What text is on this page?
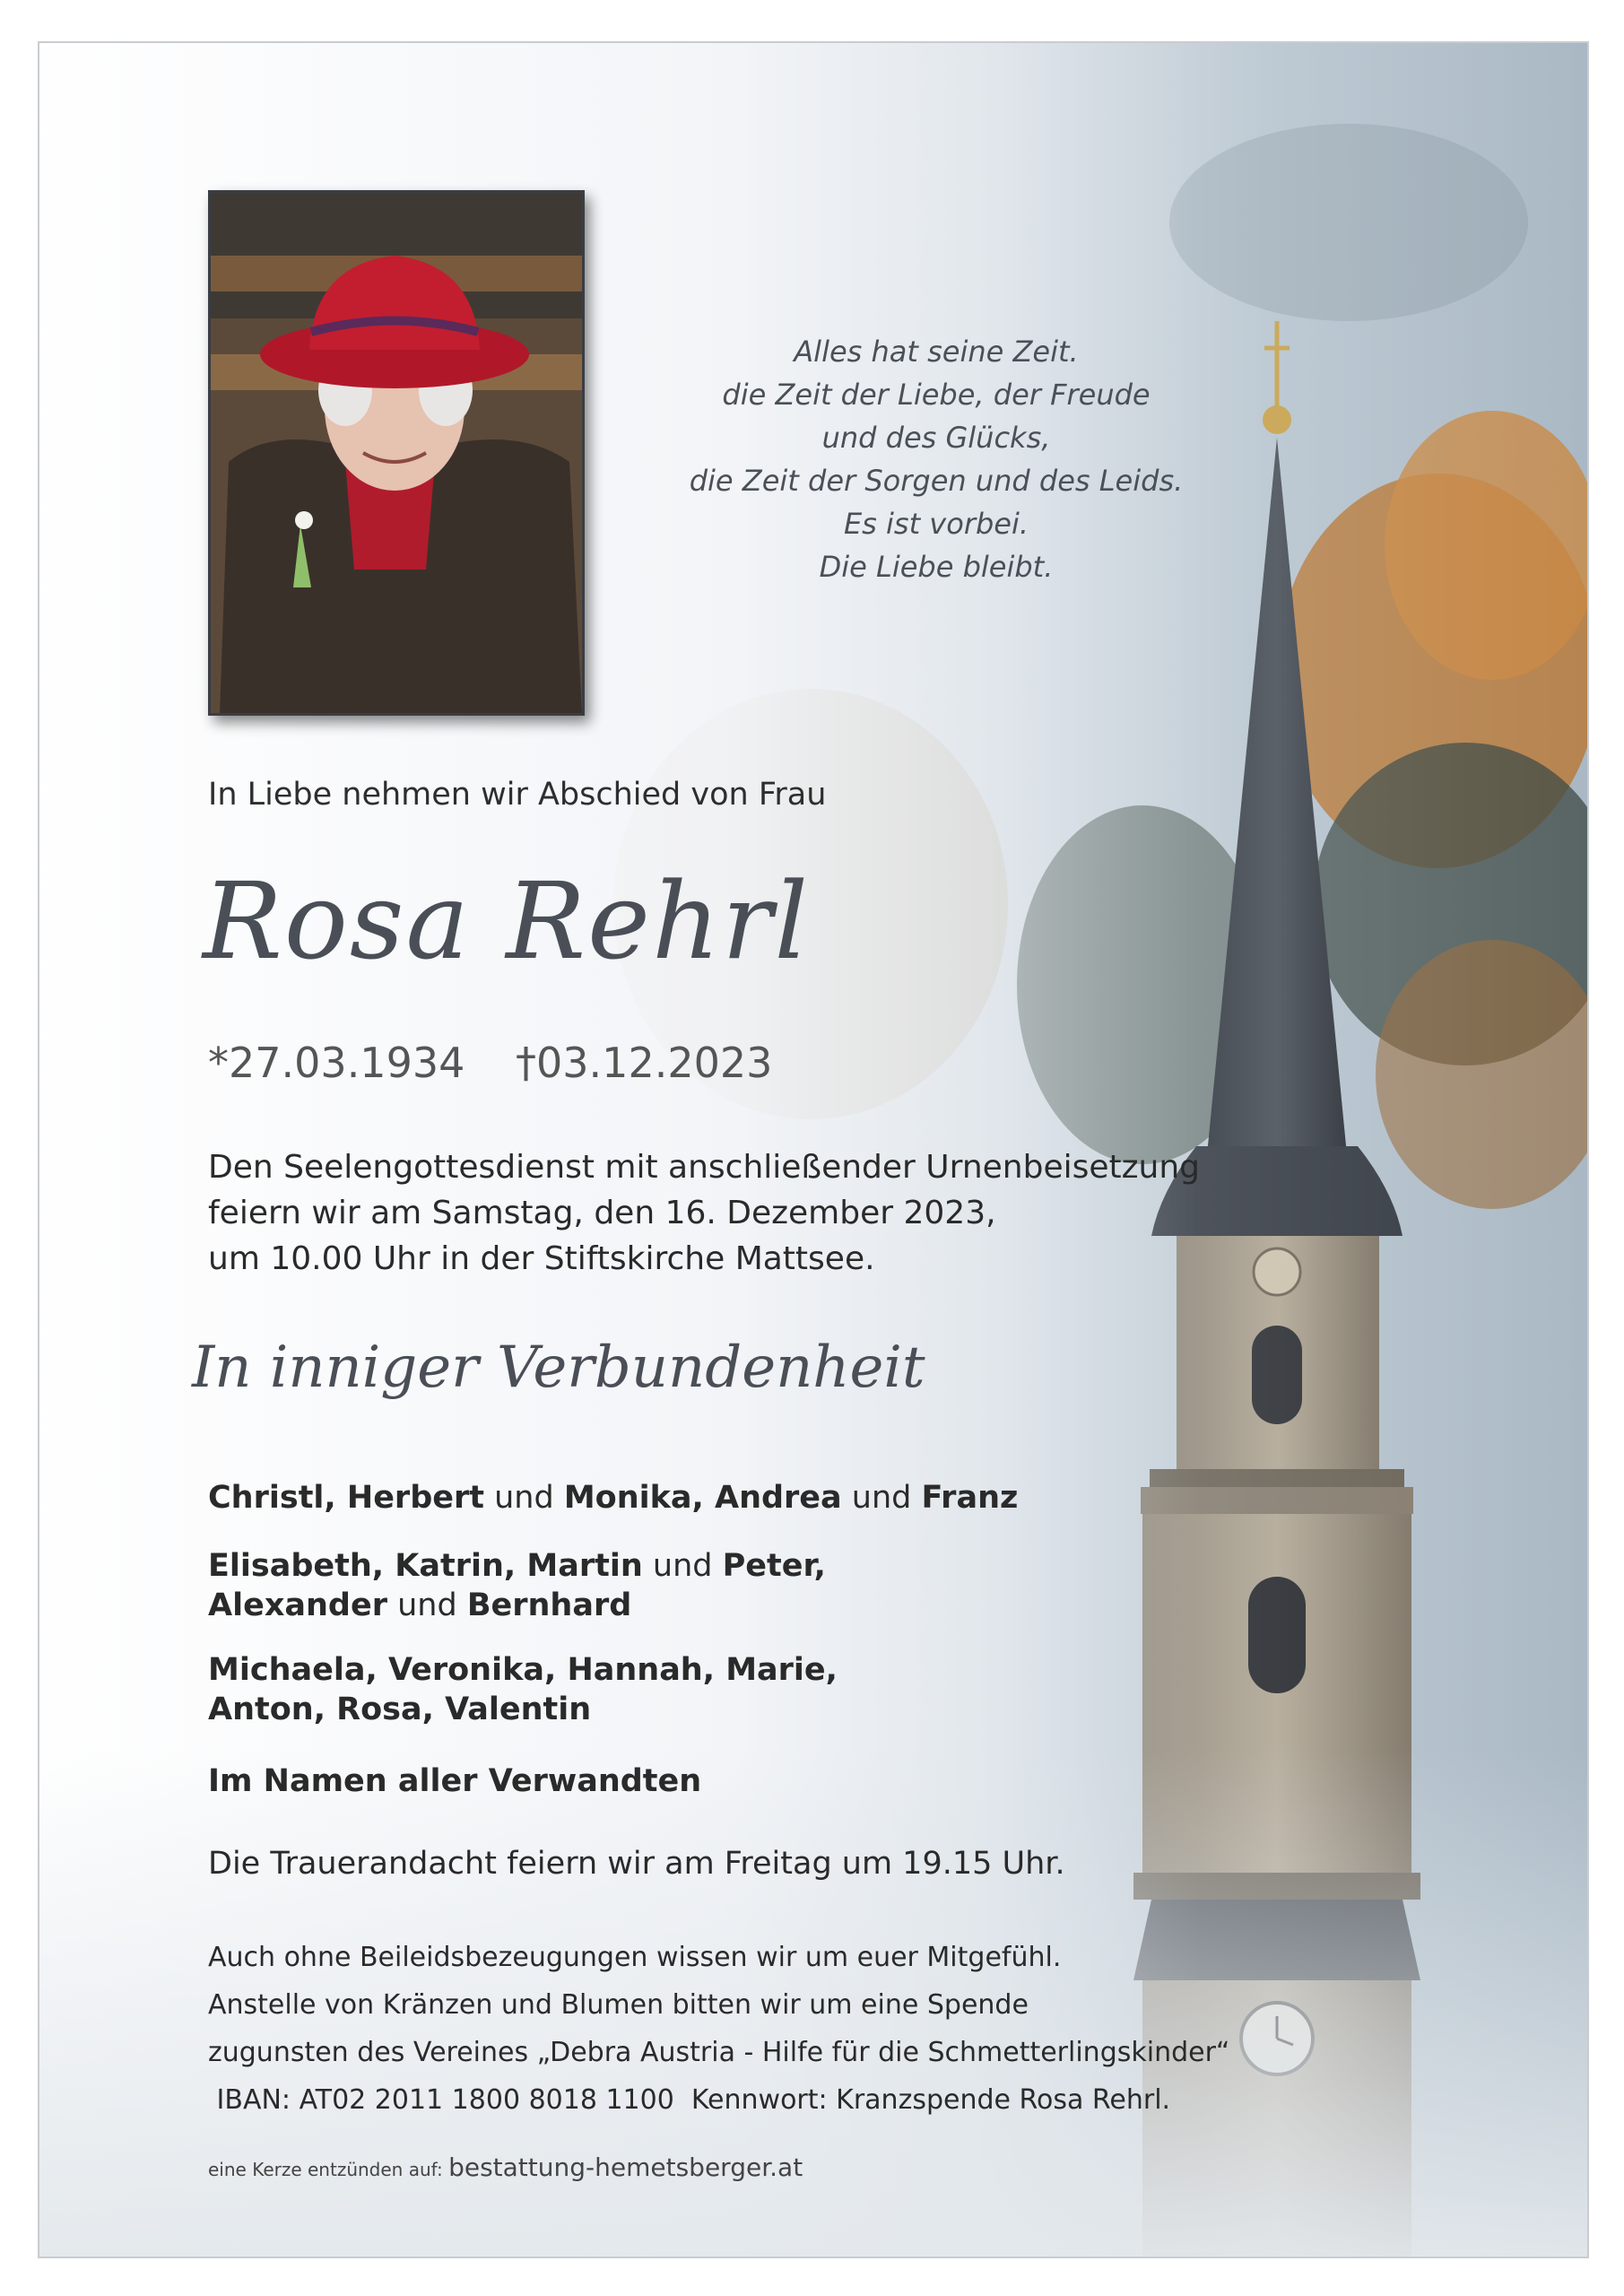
Alles hat seine Zeit.
die Zeit der Liebe, der Freude
und des Glücks,
die Zeit der Sorgen und des Leids.
Es ist vorbei.
Die Liebe bleibt.
In Liebe nehmen wir Abschied von Frau
Rosa Rehrl
*27.03.1934 †03.12.2023
Den Seelengottesdienst mit anschließender Urnenbeisetzung
feiern wir am Samstag, den 16. Dezember 2023,
um 10.00 Uhr in der Stiftskirche Mattsee.
In inniger Verbundenheit
Christl, Herbert und Monika, Andrea und Franz
Elisabeth, Katrin, Martin und Peter,
Alexander und Bernhard
Michaela, Veronika, Hannah, Marie,
Anton, Rosa, Valentin
Im Namen aller Verwandten
Die Trauerandacht feiern wir am Freitag um 19.15 Uhr.
Auch ohne Beileidsbezeugungen wissen wir um euer Mitgefühl.
Anstelle von Kränzen und Blumen bitten wir um eine Spende
zugunsten des Vereines „Debra Austria - Hilfe für die Schmetterlingskinder“
IBAN: AT02 2011 1800 8018 1100  Kennwort: Kranzspende Rosa Rehrl.
eine Kerze entzünden auf: bestattung-hemetsberger.at
